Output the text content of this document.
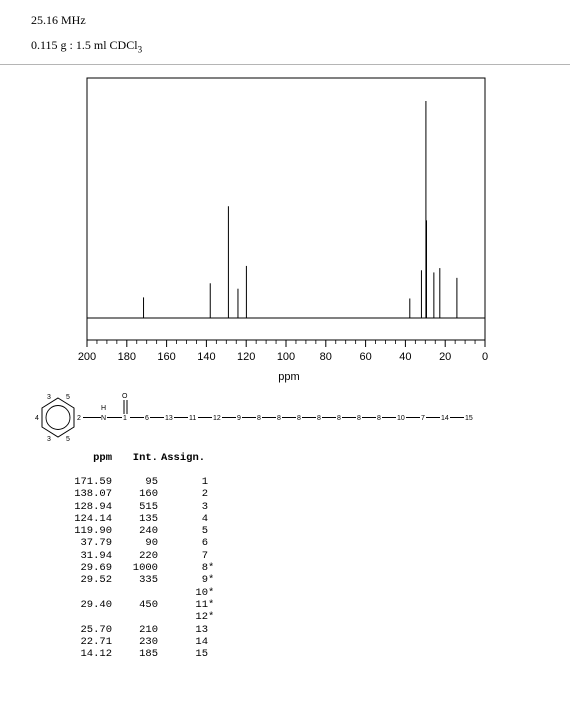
25.16 MHz
0.115 g : 1.5 ml CDCl$_3$
200 180 160 140 120 100 80	60	40	20	0
ppm
3 5
4	2
3 5
N
H
1
O
6 13 11 12 9 8 8 8 8 8 8 8 10 7 14 15
ppm	Int.	Assign.	
171.59	95	1	
138.07	160	2	
128.94	515	3	
124.14	135	4	
119.90	240	5	
37.79	90	6	
31.94	220	7	
29.69	1000	8	*
29.52	335	9	*
		10	*
29.40	450	11	*
		12	*
25.70	210	13	
22.71	230	14	
14.12	185	15	
